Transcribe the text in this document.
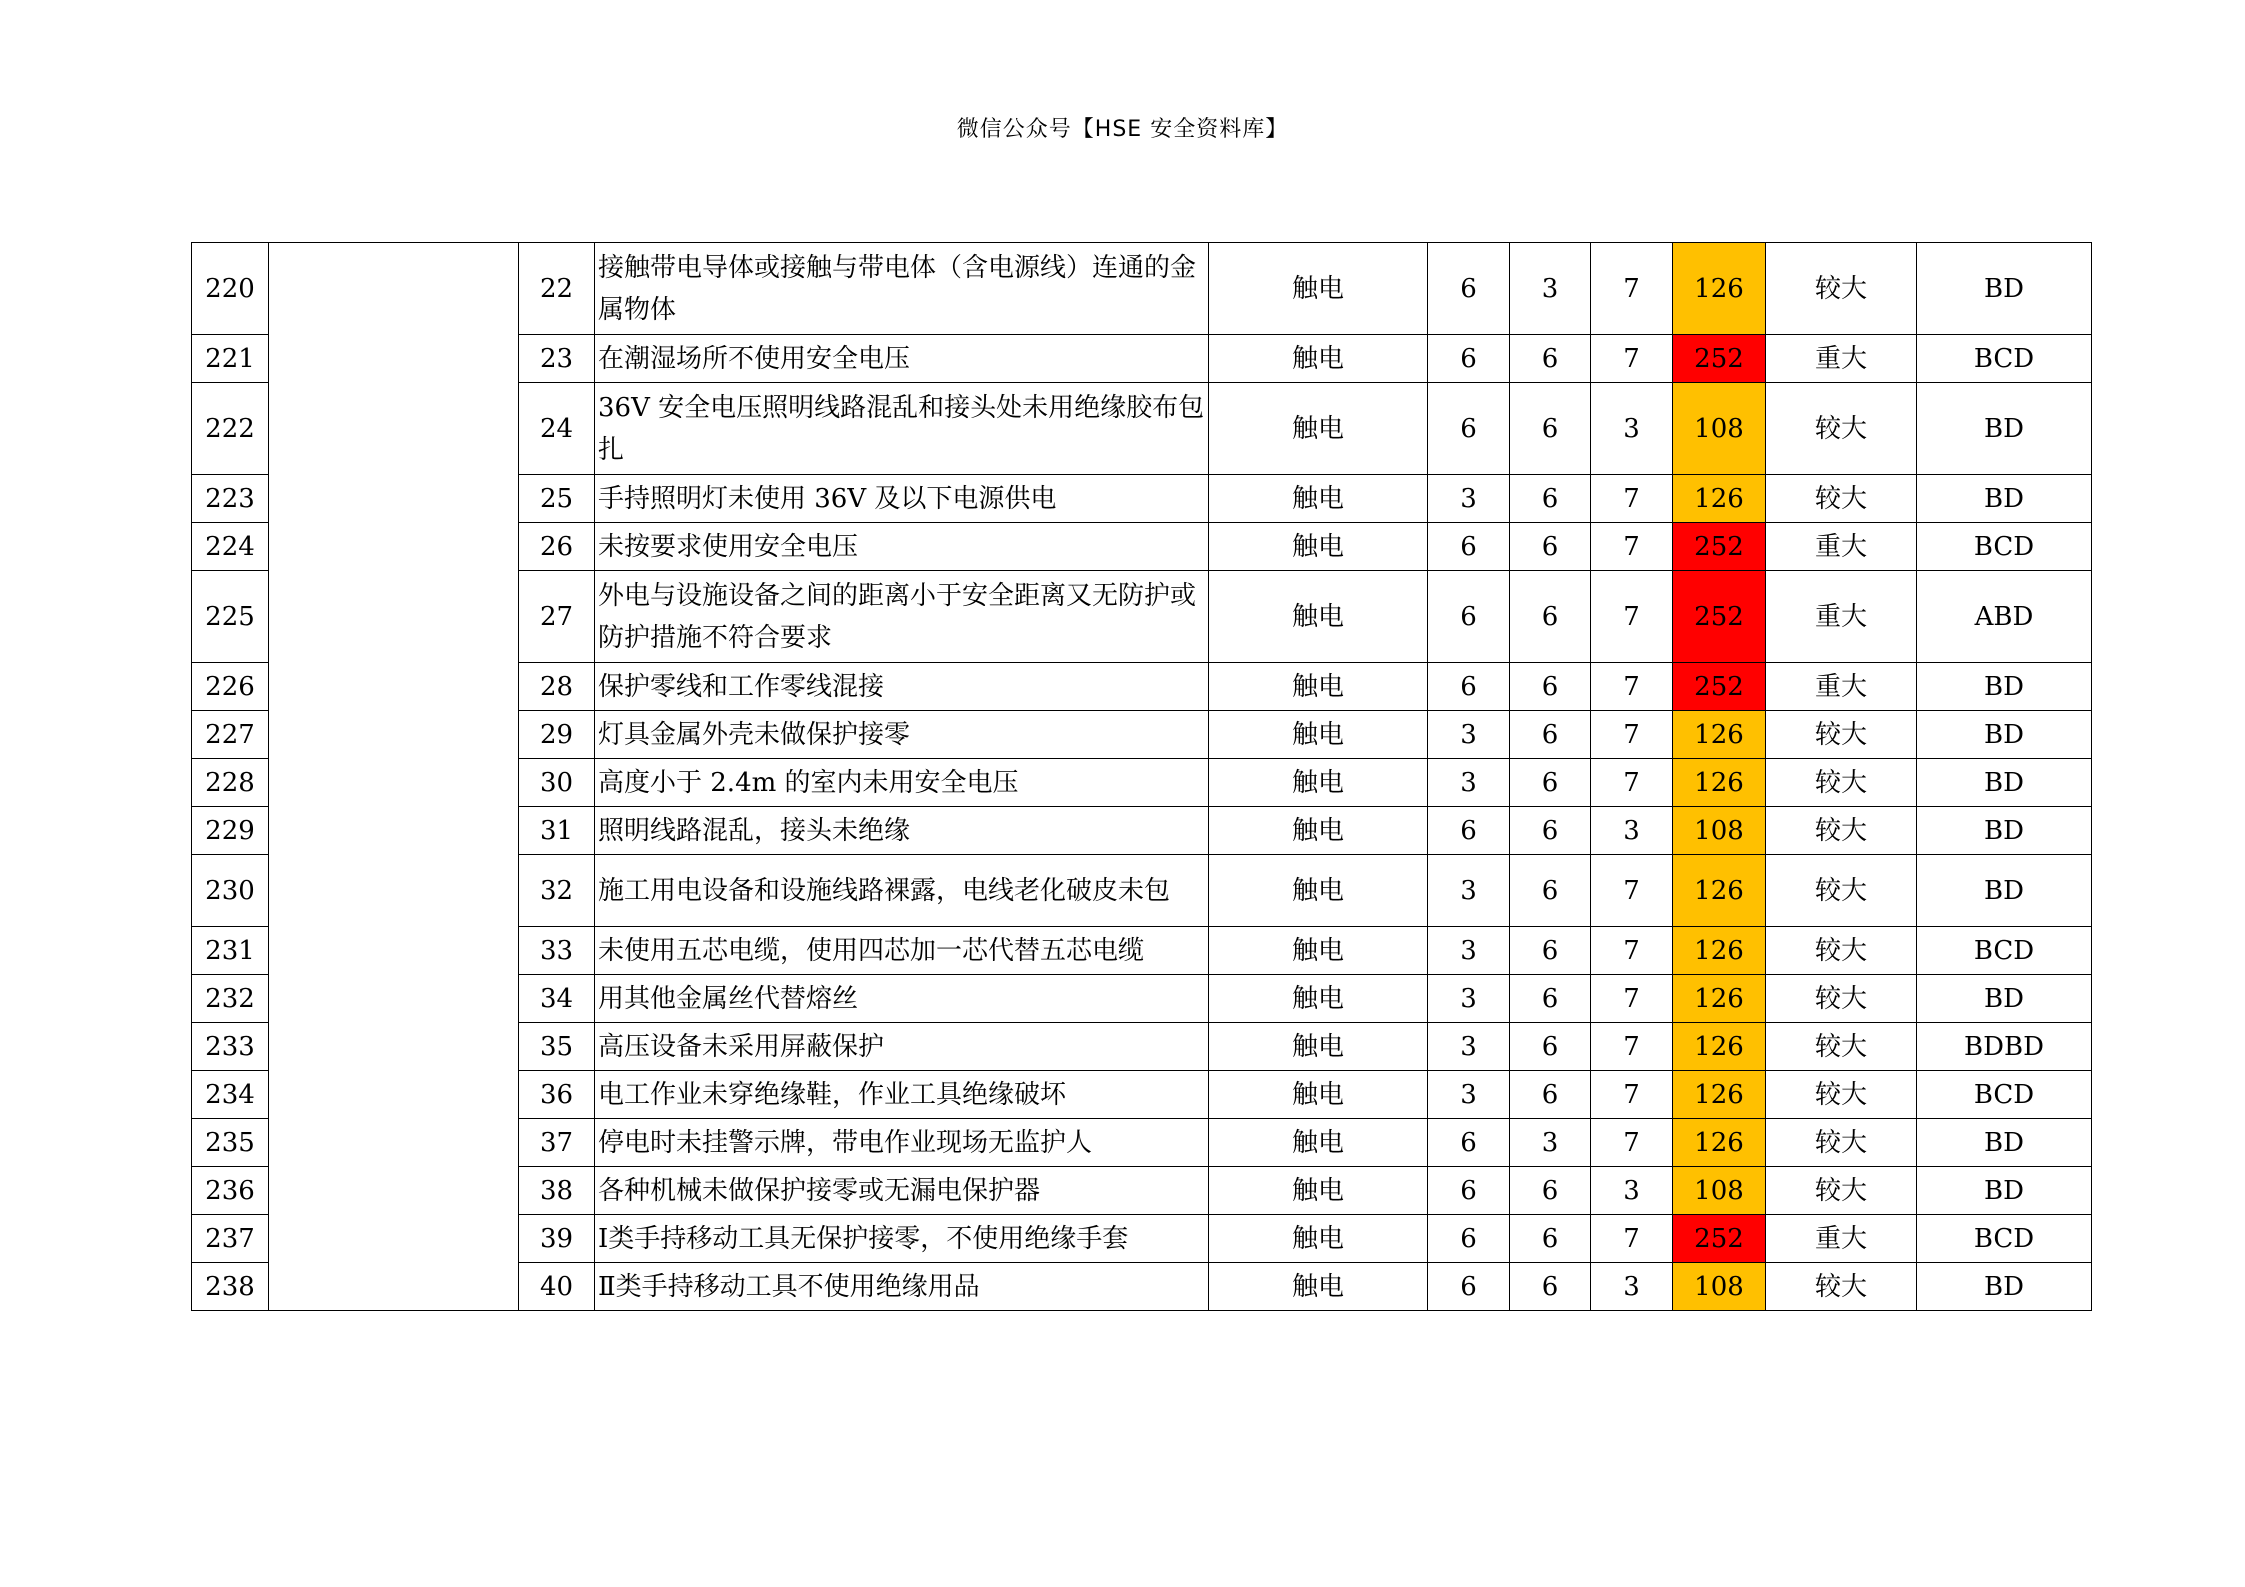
微信公众号【HSE 安全资料库】
220		22	接触带电导体或接触与带电体（含电源线）连通的金属物体	触电	6	3	7	126	较大	BD
221		23	在潮湿场所不使用安全电压	触电	6	6	7	252	重大	BCD
222		24	36V 安全电压照明线路混乱和接头处未用绝缘胶布包扎	触电	6	6	3	108	较大	BD
223		25	手持照明灯未使用 36V 及以下电源供电	触电	3	6	7	126	较大	BD
224		26	未按要求使用安全电压	触电	6	6	7	252	重大	BCD
225		27	外电与设施设备之间的距离小于安全距离又无防护或防护措施不符合要求	触电	6	6	7	252	重大	ABD
226		28	保护零线和工作零线混接	触电	6	6	7	252	重大	BD
227		29	灯具金属外壳未做保护接零	触电	3	6	7	126	较大	BD
228		30	高度小于 2.4m 的室内未用安全电压	触电	3	6	7	126	较大	BD
229		31	照明线路混乱，接头未绝缘	触电	6	6	3	108	较大	BD
230		32	施工用电设备和设施线路裸露，电线老化破皮未包	触电	3	6	7	126	较大	BD
231		33	未使用五芯电缆，使用四芯加一芯代替五芯电缆	触电	3	6	7	126	较大	BCD
232		34	用其他金属丝代替熔丝	触电	3	6	7	126	较大	BD
233		35	高压设备未采用屏蔽保护	触电	3	6	7	126	较大	BDBD
234		36	电工作业未穿绝缘鞋，作业工具绝缘破坏	触电	3	6	7	126	较大	BCD
235		37	停电时未挂警示牌，带电作业现场无监护人	触电	6	3	7	126	较大	BD
236		38	各种机械未做保护接零或无漏电保护器	触电	6	6	3	108	较大	BD
237		39	Ⅰ类手持移动工具无保护接零，不使用绝缘手套	触电	6	6	7	252	重大	BCD
238		40	Ⅱ类手持移动工具不使用绝缘用品	触电	6	6	3	108	较大	BD
